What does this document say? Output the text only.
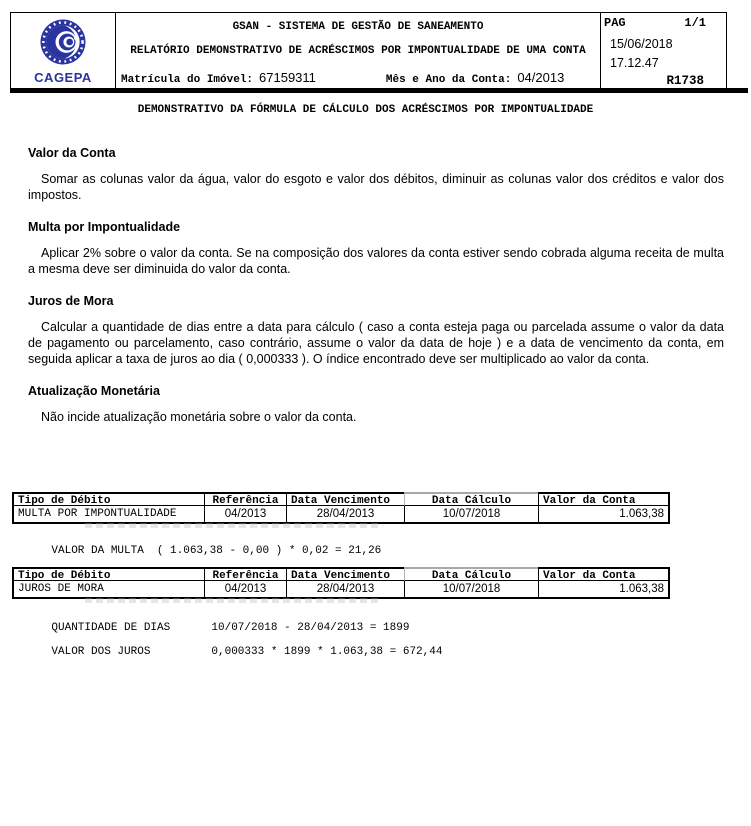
CAGEPA
GSAN - SISTEMA DE GESTÃO DE SANEAMENTO
RELATÓRIO DEMONSTRATIVO DE ACRÉSCIMOS POR IMPONTUALIDADE DE UMA CONTA
Matrícula do Imóvel: 67159311	Mês e Ano da Conta: 04/2013
PAG	1/1
15/06/2018
17.12.47
R1738
DEMONSTRATIVO DA FÓRMULA DE CÁLCULO DOS ACRÉSCIMOS POR IMPONTUALIDADE
Valor da Conta

Somar as colunas valor da água, valor do esgoto e valor dos débitos, diminuir as colunas valor dos créditos e valor dos impostos.

Multa por Impontualidade

Aplicar 2% sobre o valor da conta. Se na composição dos valores da conta estiver sendo cobrada alguma receita de multa a mesma deve ser diminuida do valor da conta.

Juros de Mora

Calcular a quantidade de dias entre a data para cálculo ( caso a conta esteja paga ou parcelada assume o valor da data de pagamento ou parcelamento, caso contrário, assume o valor da data de hoje ) e a data de vencimento da conta, em seguida aplicar a taxa de juros ao dia ( 0,000333 ). O índice encontrado deve ser multiplicado ao valor da conta.

Atualização Monetária

Não incide atualização monetária sobre o valor da conta.

Tipo de Débito	Referência	Data Vencimento	Data Cálculo	Valor da Conta
MULTA POR IMPONTUALIDADE	04/2013	28/04/2013	10/07/2018	1.063,38

VALOR DA MULTA ( 1.063,38 - 0,00 ) * 0,02 = 21,26

Tipo de Débito	Referência	Data Vencimento	Data Cálculo	Valor da Conta
JUROS DE MORA	04/2013	28/04/2013	10/07/2018	1.063,38

QUANTIDADE DE DIAS	10/07/2018 - 28/04/2013 = 1899

VALOR DOS JUROS	0,000333 * 1899 * 1.063,38 = 672,44
